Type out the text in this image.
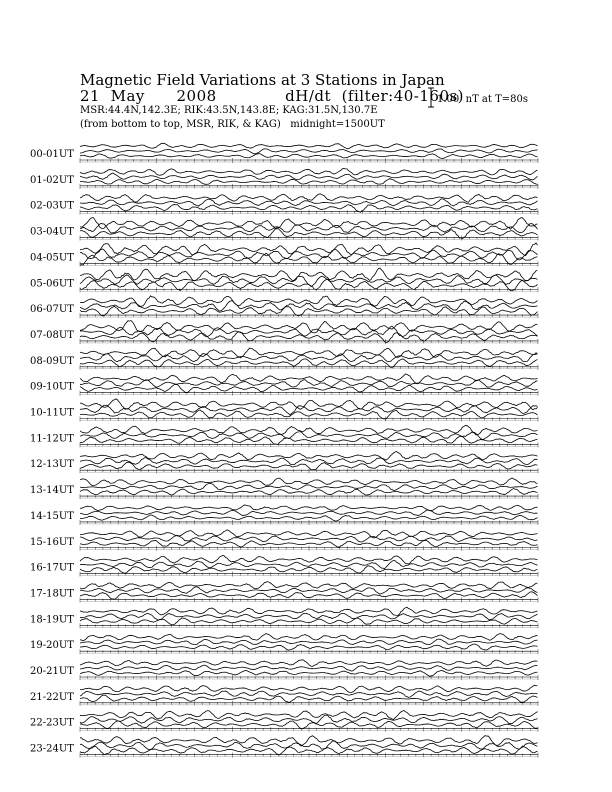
Magnetic Field Variations at 3 Stations in Japan
21  May      2008             dH/dt  (filter:40-160s)
MSR:44.4N,142.3E; RIK:43.5N,143.8E; KAG:31.5N,130.7E
(from bottom to top, MSR, RIK, & KAG)   midnight=1500UT
1.00  nT at T=80s
00-01UT
01-02UT
02-03UT
03-04UT
04-05UT
05-06UT
06-07UT
07-08UT
08-09UT
09-10UT
10-11UT
11-12UT
12-13UT
13-14UT
14-15UT
15-16UT
16-17UT
17-18UT
18-19UT
19-20UT
20-21UT
21-22UT
22-23UT
23-24UT
